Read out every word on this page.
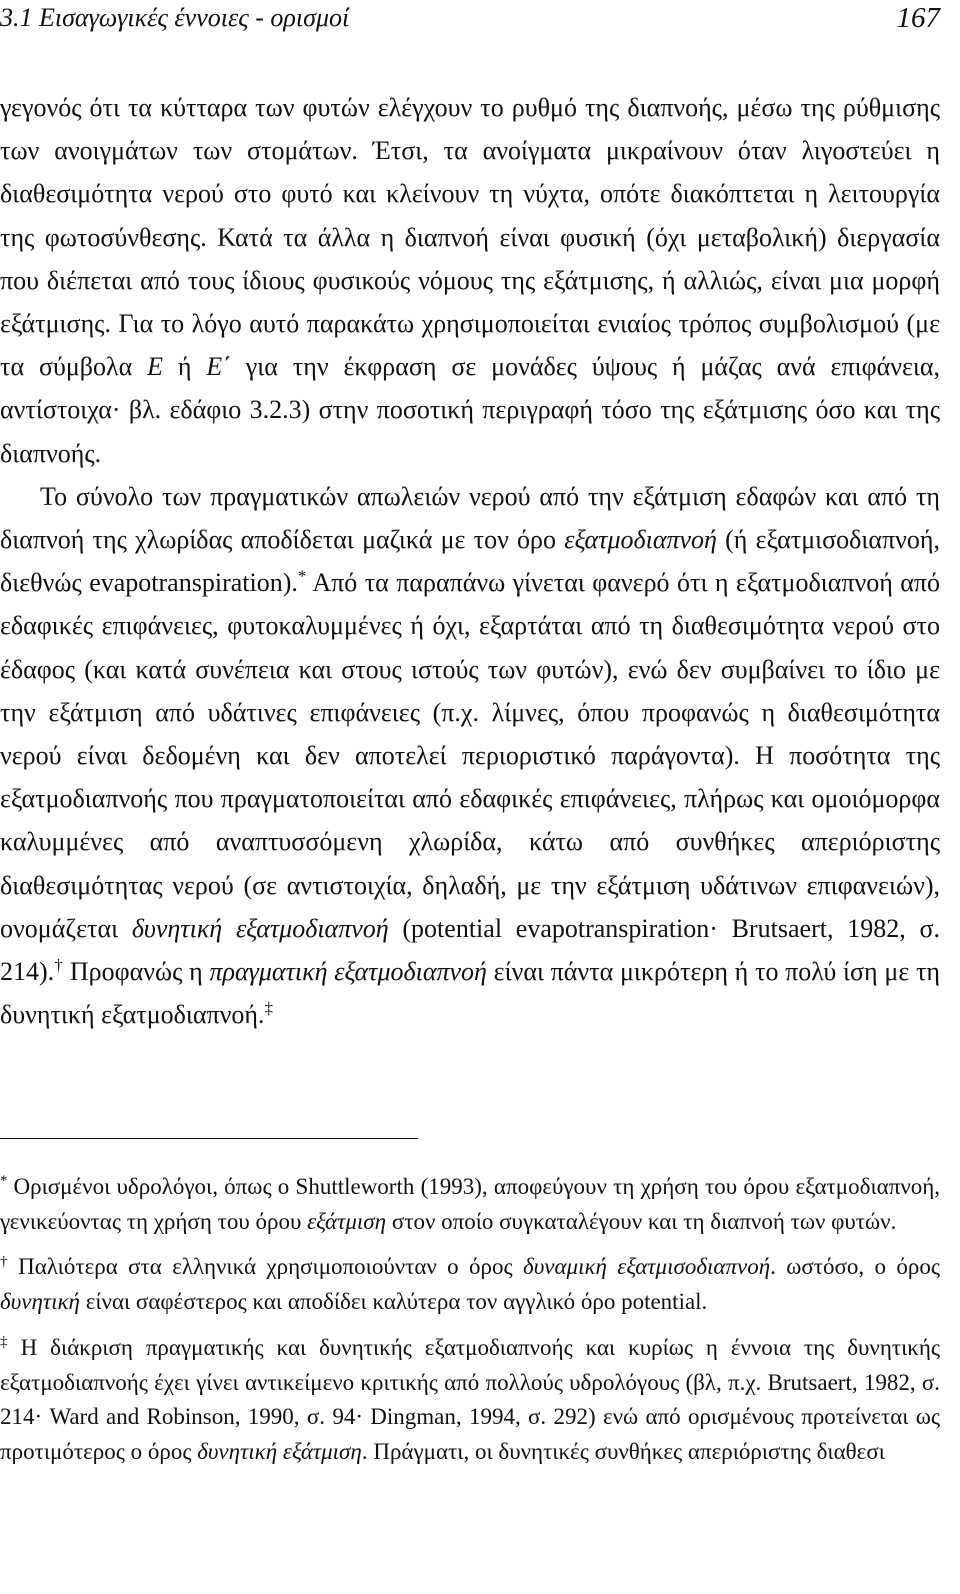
3.1 Εισαγωγικές έννοιες - ορισμοί	167

γεγονός ότι τα κύτταρα των φυτών ελέγχουν το ρυθμό της διαπνοής, μέσω της ρύθμισης των ανοιγμάτων των στομάτων. Έτσι, τα ανοίγματα μικραίνουν όταν λιγοστεύει η διαθεσιμότητα νερού στο φυτό και κλείνουν τη νύχτα, οπότε διακόπτεται η λειτουργία της φωτοσύνθεσης. Κατά τα άλλα η διαπνοή είναι φυσική (όχι μεταβολική) διεργασία που διέπεται από τους ίδιους φυσικούς νόμους της εξάτμισης, ή αλλιώς, είναι μια μορφή εξάτμισης. Για το λόγο αυτό παρακάτω χρησιμοποιείται ενιαίος τρόπος συμβολισμού (με τα σύμβολα E ή E΄ για την έκφραση σε μονάδες ύψους ή μάζας ανά επιφάνεια, αντίστοιχα· βλ. εδάφιο 3.2.3) στην ποσοτική περιγραφή τόσο της εξάτμισης όσο και της διαπνοής.

Το σύνολο των πραγματικών απωλειών νερού από την εξάτμιση εδαφών και από τη διαπνοή της χλωρίδας αποδίδεται μαζικά με τον όρο εξατμοδιαπνοή (ή εξατμισοδιαπνοή, διεθνώς evapotranspiration).* Από τα παραπάνω γίνεται φανερό ότι η εξατμοδιαπνοή από εδαφικές επιφάνειες, φυτοκαλυμμένες ή όχι, εξαρτάται από τη διαθεσιμότητα νερού στο έδαφος (και κατά συνέπεια και στους ιστούς των φυτών), ενώ δεν συμβαίνει το ίδιο με την εξάτμιση από υδάτινες επιφάνειες (π.χ. λίμνες, όπου προφανώς η διαθεσιμότητα νερού είναι δεδομένη και δεν αποτελεί περιοριστικό παράγοντα). Η ποσότητα της εξατμοδιαπνοής που πραγματοποιείται από εδαφικές επιφάνειες, πλήρως και ομοιόμορφα καλυμμένες από αναπτυσσόμενη χλωρίδα, κάτω από συνθήκες απεριόριστης διαθεσιμότητας νερού (σε αντιστοιχία, δηλαδή, με την εξάτμιση υδάτινων επιφανειών), ονομάζεται δυνητική εξατμοδιαπνοή (potential evapotranspiration· Brutsaert, 1982, σ. 214).† Προφανώς η πραγματική εξατμοδιαπνοή είναι πάντα μικρότερη ή το πολύ ίση με τη δυνητική εξατμοδιαπνοή.‡

* Ορισμένοι υδρολόγοι, όπως ο Shuttleworth (1993), αποφεύγουν τη χρήση του όρου εξατμοδιαπνοή, γενικεύοντας τη χρήση του όρου εξάτμιση στον οποίο συγκαταλέγουν και τη διαπνοή των φυτών.

† Παλιότερα στα ελληνικά χρησιμοποιούνταν ο όρος δυναμική εξατμισοδιαπνοή. ωστόσο, ο όρος δυνητική είναι σαφέστερος και αποδίδει καλύτερα τον αγγλικό όρο potential.

‡ Η διάκριση πραγματικής και δυνητικής εξατμοδιαπνοής και κυρίως η έννοια της δυνητικής εξατμοδιαπνοής έχει γίνει αντικείμενο κριτικής από πολλούς υδρολόγους (βλ, π.χ. Brutsaert, 1982, σ. 214· Ward and Robinson, 1990, σ. 94· Dingman, 1994, σ. 292) ενώ από ορισμένους προτείνεται ως προτιμότερος ο όρος δυνητική εξάτμιση. Πράγματι, οι δυνητικές συνθήκες απεριόριστης διαθεσι
